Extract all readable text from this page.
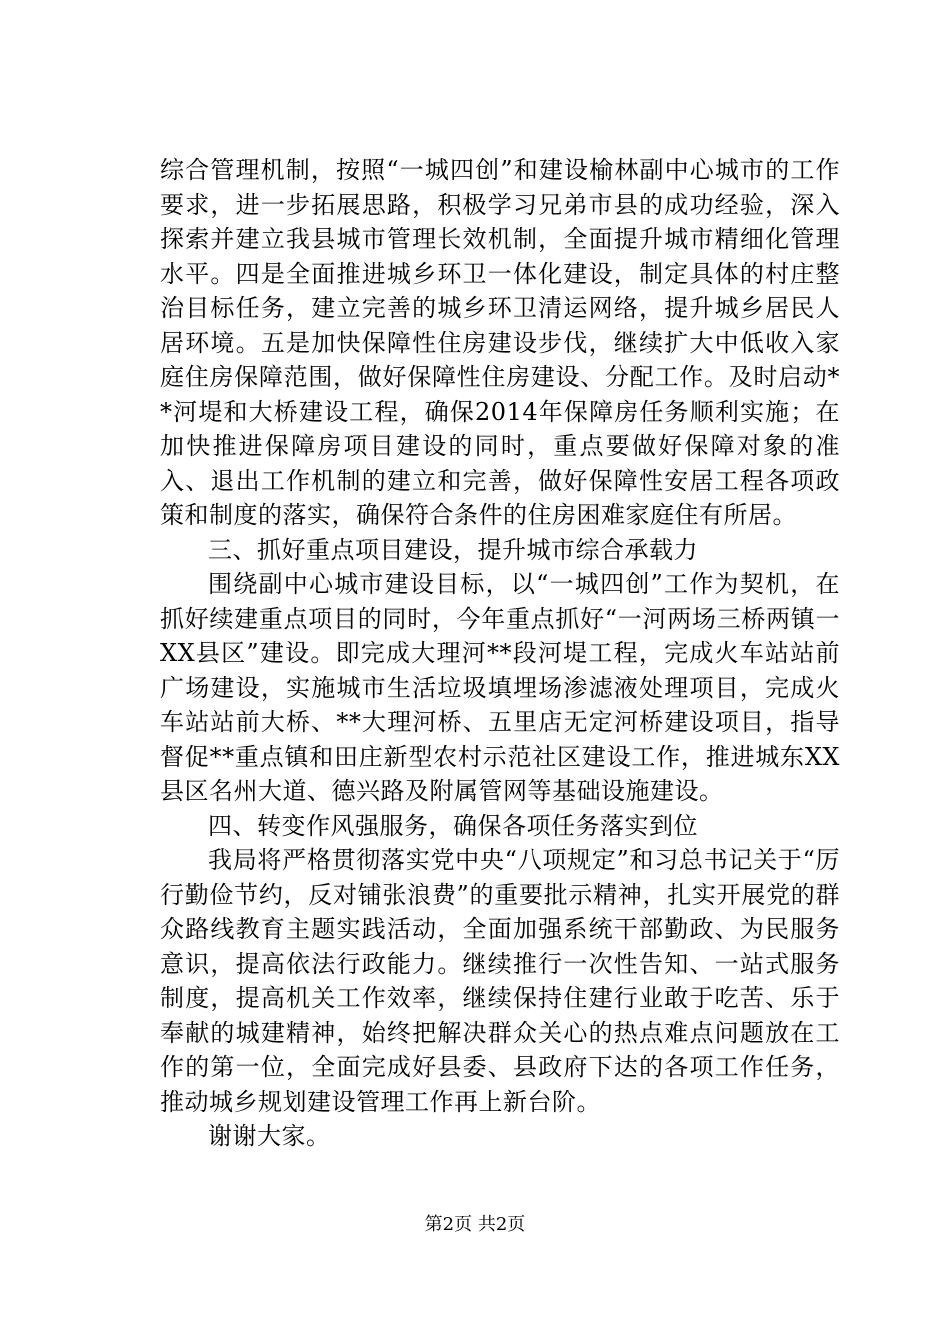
综合管理机制，按照“一城四创”和建设榆林副中心城市的工作要求，进一步拓展思路，积极学习兄弟市县的成功经验，深入探索并建立我县城市管理长效机制，全面提升城市精细化管理水平。四是全面推进城乡环卫一体化建设，制定具体的村庄整治目标任务，建立完善的城乡环卫清运网络，提升城乡居民人居环境。五是加快保障性住房建设步伐，继续扩大中低收入家庭住房保障范围，做好保障性住房建设、分配工作。及时启动**河堤和大桥建设工程，确保2014年保障房任务顺利实施；在加快推进保障房项目建设的同时，重点要做好保障对象的准入、退出工作机制的建立和完善，做好保障性安居工程各项政策和制度的落实，确保符合条件的住房困难家庭住有所居。

三、抓好重点项目建设，提升城市综合承载力

围绕副中心城市建设目标，以“一城四创”工作为契机，在抓好续建重点项目的同时，今年重点抓好“一河两场三桥两镇一XX县区”建设。即完成大理河**段河堤工程，完成火车站站前广场建设，实施城市生活垃圾填埋场渗滤液处理项目，完成火车站站前大桥、**大理河桥、五里店无定河桥建设项目，指导督促**重点镇和田庄新型农村示范社区建设工作，推进城东XX县区名州大道、德兴路及附属管网等基础设施建设。

四、转变作风强服务，确保各项任务落实到位

我局将严格贯彻落实党中央“八项规定”和习总书记关于“厉行勤俭节约，反对铺张浪费”的重要批示精神，扎实开展党的群众路线教育主题实践活动，全面加强系统干部勤政、为民服务意识，提高依法行政能力。继续推行一次性告知、一站式服务制度，提高机关工作效率，继续保持住建行业敢于吃苦、乐于奉献的城建精神，始终把解决群众关心的热点难点问题放在工作的第一位，全面完成好县委、县政府下达的各项工作任务，推动城乡规划建设管理工作再上新台阶。

谢谢大家。

第2页 共2页
